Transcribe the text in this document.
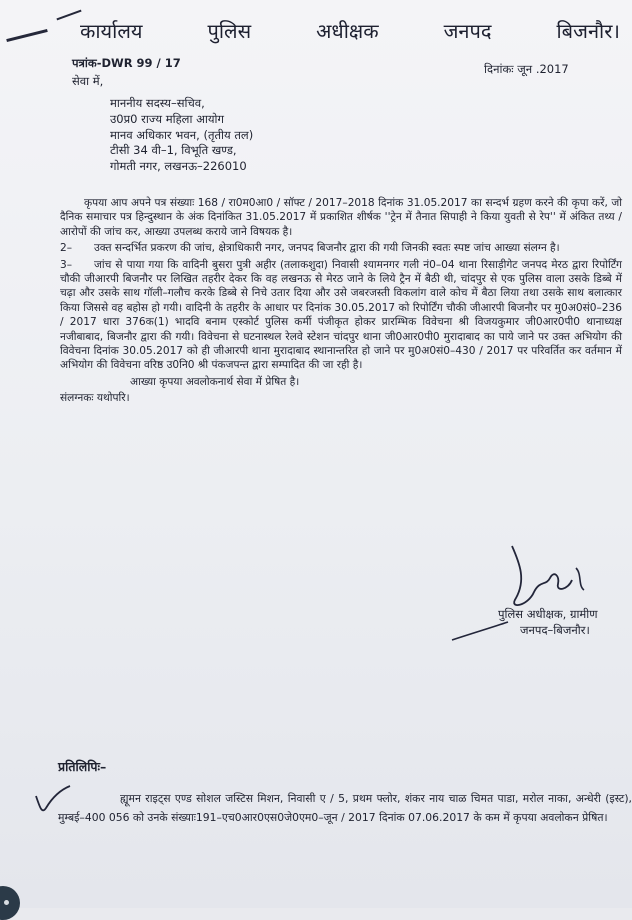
कार्यालय	पुलिस	अधीक्षक	जनपद	बिजनौर।
पत्रांक-DWR 99 / 17	दिनांकः जून .2017
सेवा में,
माननीय सदस्य–सचिव,
उ0प्र0 राज्य महिला आयोग
मानव अधिकार भवन, (तृतीय तल)
टीसी 34 वी–1, विभूति खण्ड,
गोमती नगर, लखनऊ–226010

कृपया आप अपने पत्र संख्याः 168 / रा0म0आ0 / सॉफ्ट / 2017–2018 दिनांक 31.05.2017 का सन्दर्भ ग्रहण करने की कृपा करें, जो दैनिक समाचार पत्र हिन्दुस्थान के अंक दिनांकित 31.05.2017 में प्रकाशित शीर्षक ''ट्रेन में तैनात सिपाही ने किया युवती से रेप'' में अंकित तथ्य / आरोपों की जांच कर, आख्या उपलब्ध कराये जाने विषयक है।

2– उक्त सन्दर्भित प्रकरण की जांच, क्षेत्राधिकारी नगर, जनपद बिजनौर द्वारा की गयी जिनकी स्वतः स्पष्ट जांच आख्या संलग्न है।

3– जांच से पाया गया कि वादिनी बुसरा पुत्री अहीर (तलाकशुदा) निवासी श्यामनगर गली नं0–04 थाना रिसाड़ीगेट जनपद मेरठ द्वारा रिपोर्टिंग चौकी जीआरपी बिजनौर पर लिखित तहरीर देकर कि वह लखनऊ से मेरठ जाने के लिये ट्रैन में बैठी थी, चांदपुर से एक पुलिस वाला उसके डिब्बे में चढ़ा और उसके साथ गॉली–गलौच करके डिब्बे से निचे उतार दिया और उसे जबरजस्ती विकलांग वाले कोच में बैठा लिया तथा उसके साथ बलात्कार किया जिससे वह बहोस हो गयी। वादिनी के तहरीर के आधार पर दिनांक 30.05.2017 को रिपोर्टिंग चौकी जीआरपी बिजनौर पर मु0अ0सं0–236 / 2017 धारा 376क(1) भादवि बनाम एस्कोर्ट पुलिस कर्मी पंजीकृत होकर प्रारम्भिक विवेचना श्री विजयकुमार जी0आर0पी0 थानाध्यक्ष नजीबाबाद, बिजनौर द्वारा की गयी। विवेचना से घटनास्थल रेलवे स्टेशन चांदपुर थाना जी0आर0पी0 मुरादाबाद का पाये जाने पर उक्त अभियोग की विवेचना दिनांक 30.05.2017 को ही जीआरपी थाना मुरादाबाद स्थानान्तरित हो जाने पर मु0अ0सं0–430 / 2017 पर परिवर्तित कर वर्तमान में अभियोग की विवेचना वरिष्ठ उ0नि0 श्री पंकजपन्त द्वारा सम्पादित की जा रही है।

आख्या कृपया अवलोकनार्थ सेवा में प्रेषित है।

संलग्नकः यथोपरि।

पुलिस अधीक्षक, ग्रामीण
जनपद–बिजनौर।
प्रतिलिपिः–

ह्यूमन राइट्स एण्ड सोशल जस्टिस मिशन, निवासी ए / 5, प्रथम फ्लोर, शंकर नाय चाळ चिमत पाडा, मरोल नाका, अन्धेरी (इस्ट), मुम्बई–400 056 को उनके संख्याः191–एच0आर0एस0जे0एम0–जून / 2017 दिनांक 07.06.2017 के कम में कृपया अवलोकन प्रेषित।
